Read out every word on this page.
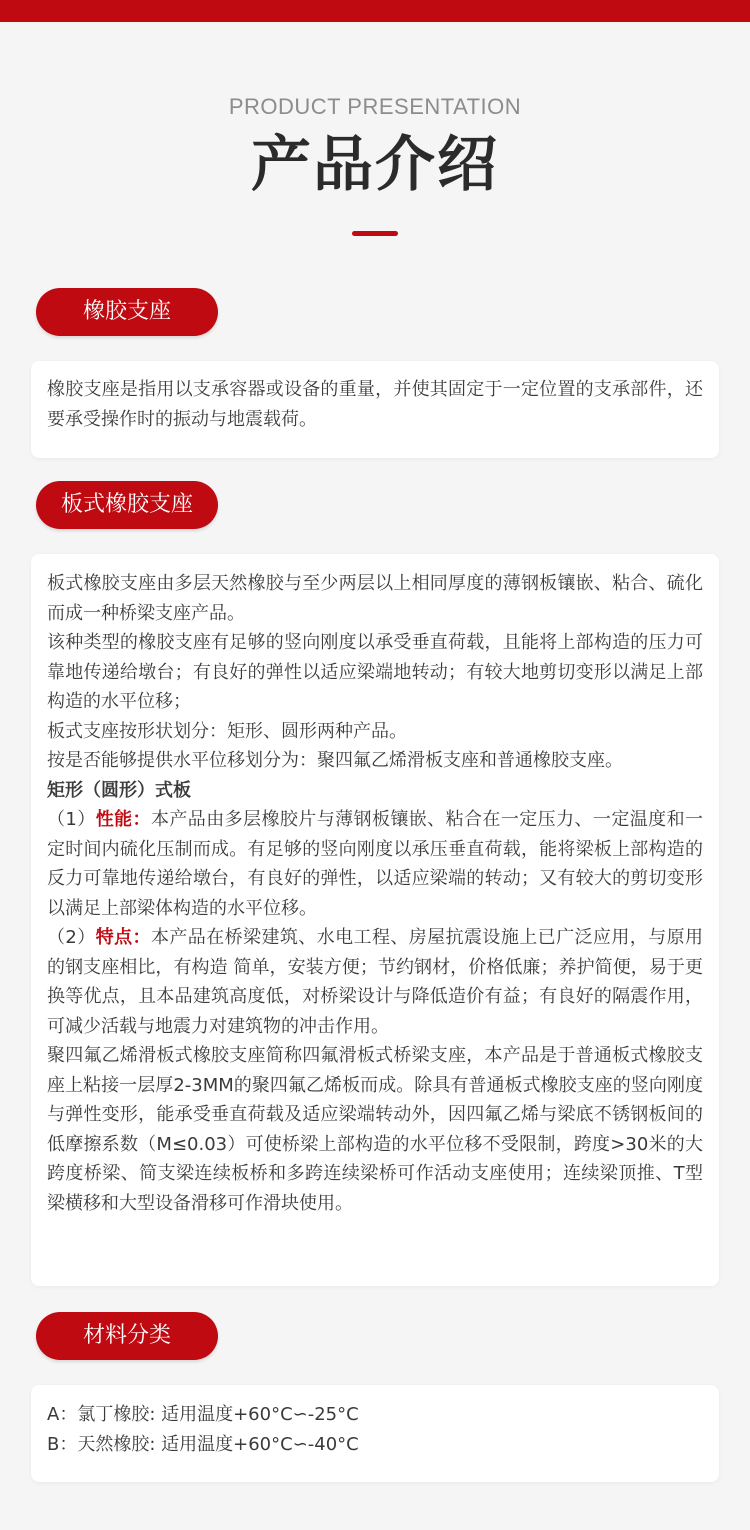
PRODUCT PRESENTATION
产品介绍
橡胶支座

橡胶支座是指用以支承容器或设备的重量，并使其固定于一定位置的支承部件，还要承受操作时的振动与地震载荷。

板式橡胶支座

板式橡胶支座由多层天然橡胶与至少两层以上相同厚度的薄钢板镶嵌、粘合、硫化而成一种桥梁支座产品。

该种类型的橡胶支座有足够的竖向刚度以承受垂直荷载，且能将上部构造的压力可靠地传递给墩台；有良好的弹性以适应梁端地转动；有较大地剪切变形以满足上部构造的水平位移；

板式支座按形状划分：矩形、圆形两种产品。

按是否能够提供水平位移划分为：聚四氟乙烯滑板支座和普通橡胶支座。

矩形（圆形）式板

（1）性能：本产品由多层橡胶片与薄钢板镶嵌、粘合在一定压力、一定温度和一定时间内硫化压制而成。有足够的竖向刚度以承压垂直荷载，能将梁板上部构造的反力可靠地传递给墩台，有良好的弹性，以适应梁端的转动；又有较大的剪切变形以满足上部梁体构造的水平位移。

（2）特点：本产品在桥梁建筑、水电工程、房屋抗震设施上已广泛应用，与原用的钢支座相比，有构造 简单，安装方便；节约钢材，价格低廉；养护简便，易于更换等优点，且本品建筑高度低，对桥梁设计与降低造价有益；有良好的隔震作用，可减少活载与地震力对建筑物的冲击作用。

聚四氟乙烯滑板式橡胶支座简称四氟滑板式桥梁支座，本产品是于普通板式橡胶支座上粘接一层厚2-3MM的聚四氟乙烯板而成。除具有普通板式橡胶支座的竖向刚度与弹性变形，能承受垂直荷载及适应梁端转动外，因四氟乙烯与梁底不锈钢板间的低摩擦系数（M≤0.03）可使桥梁上部构造的水平位移不受限制，跨度>30米的大跨度桥梁、简支梁连续板桥和多跨连续梁桥可作活动支座使用；连续梁顶推、T型梁横移和大型设备滑移可作滑块使用。

材料分类

A：氯丁橡胶: 适用温度+60°C∽-25°C

B：天然橡胶: 适用温度+60°C∽-40°C
